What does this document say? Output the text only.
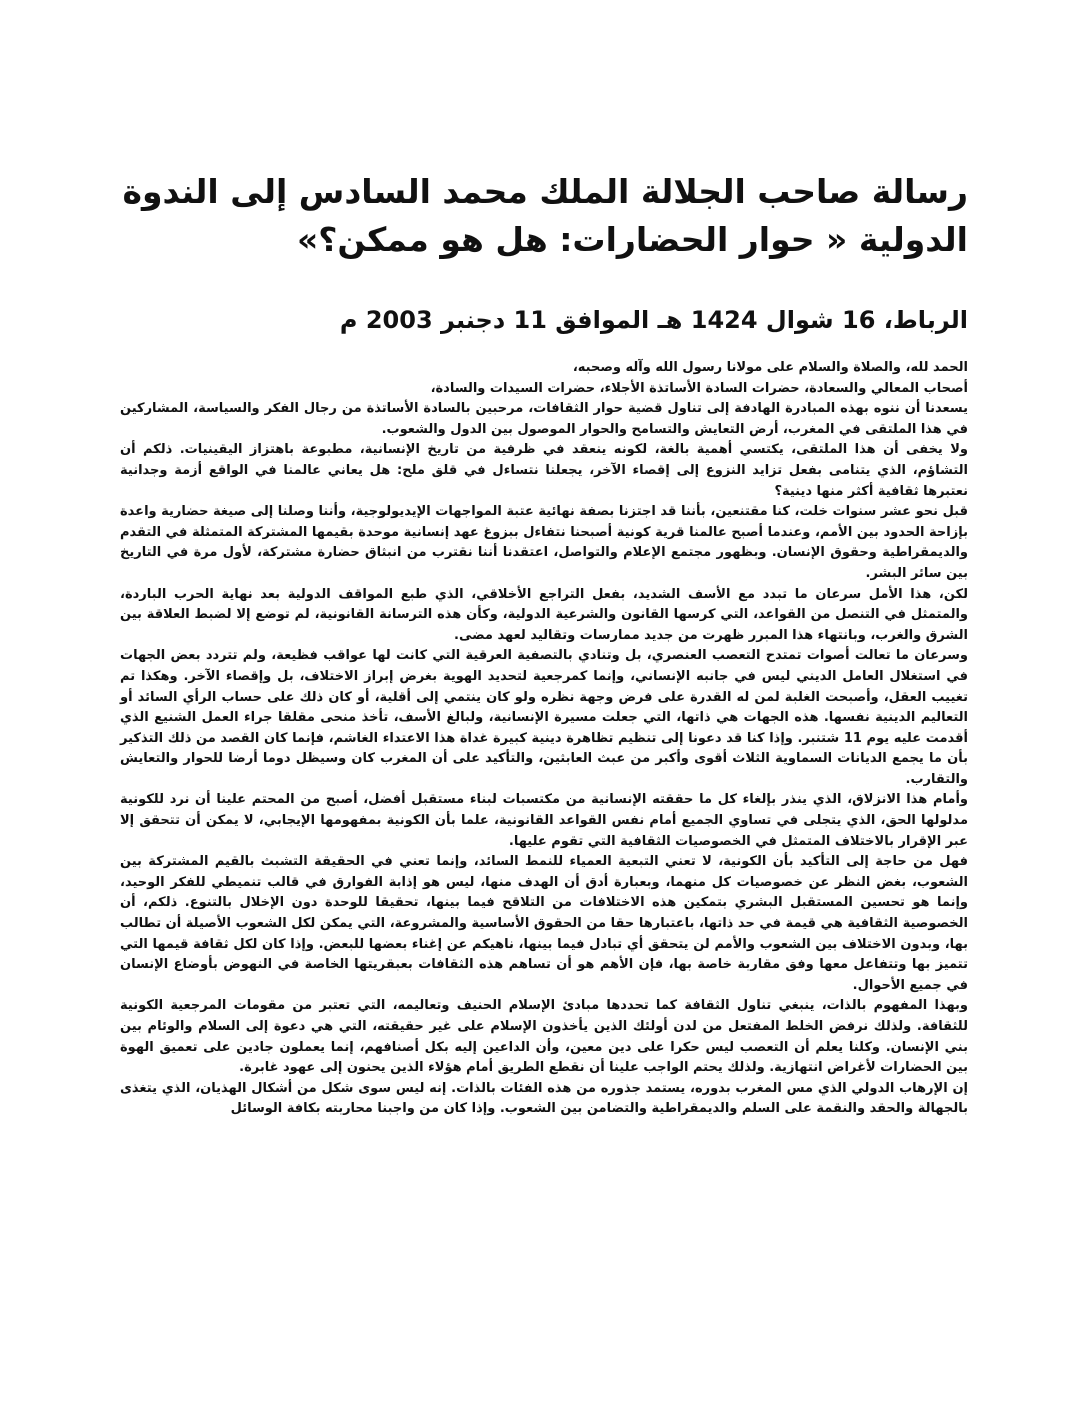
رسالة صاحب الجلالة الملك محمد السادس إلى الندوة
الدولية « حوار الحضارات: هل هو ممكن؟»
الرباط، 16 شوال 1424 هـ الموافق 11 دجنبر 2003 م

الحمد لله، والصلاة والسلام على مولانا رسول الله وآله وصحبه،

أصحاب المعالي والسعادة، حضرات السادة الأساتذة الأجلاء، حضرات السيدات والسادة،

يسعدنا أن ننوه بهذه المبادرة الهادفة إلى تناول قضية حوار الثقافات، مرحبين بالسادة الأساتذة من رجال الفكر والسياسة، المشاركين في هذا الملتقى في المغرب، أرض التعايش والتسامح والحوار الموصول بين الدول والشعوب.

ولا يخفى أن هذا الملتقى، يكتسي أهمية بالغة، لكونه ينعقد في ظرفية من تاريخ الإنسانية، مطبوعة باهتزاز اليقينيات. ذلكم أن التشاؤم، الذي يتنامى بفعل تزايد النزوع إلى إقصاء الآخر، يجعلنا نتساءل في قلق ملح: هل يعاني عالمنا في الواقع أزمة وجدانية نعتبرها ثقافية أكثر منها دينية؟

قبل نحو عشر سنوات خلت، كنا مقتنعين، بأننا قد اجتزنا بصفة نهائية عتبة المواجهات الإيديولوجية، وأننا وصلنا إلى صيغة حضارية واعدة بإزاحة الحدود بين الأمم، وعندما أصبح عالمنا قرية كونية أصبحنا نتفاءل ببزوغ عهد إنسانية موحدة بقيمها المشتركة المتمثلة في التقدم والديمقراطية وحقوق الإنسان. وبظهور مجتمع الإعلام والتواصل، اعتقدنا أننا نقترب من انبثاق حضارة مشتركة، لأول مرة في التاريخ بين سائر البشر.

لكن، هذا الأمل سرعان ما تبدد مع الأسف الشديد، بفعل التراجع الأخلاقي، الذي طبع المواقف الدولية بعد نهاية الحرب الباردة، والمتمثل في التنصل من القواعد، التي كرسها القانون والشرعية الدولية، وكأن هذه الترسانة القانونية، لم توضع إلا لضبط العلاقة بين الشرق والغرب، وبانتهاء هذا المبرر ظهرت من جديد ممارسات وتقاليد لعهد مضى.

وسرعان ما تعالت أصوات تمتدح التعصب العنصري، بل وتنادي بالتصفية العرقية التي كانت لها عواقب فظيعة، ولم تتردد بعض الجهات في استغلال العامل الديني ليس في جانبه الإنساني، وإنما كمرجعية لتحديد الهوية بغرض إبراز الاختلاف، بل وإقصاء الآخر. وهكذا تم تغييب العقل، وأصبحت الغلبة لمن له القدرة على فرض وجهة نظره ولو كان ينتمي إلى أقلية، أو كان ذلك على حساب الرأي السائد أو التعاليم الدينية نفسها. هذه الجهات هي ذاتها، التي جعلت مسيرة الإنسانية، ولبالغ الأسف، تأخذ منحى مقلقا جراء العمل الشنيع الذي أقدمت عليه يوم 11 شتنبر. وإذا كنا قد دعونا إلى تنظيم تظاهرة دينية كبيرة غداة هذا الاعتداء الغاشم، فإنما كان القصد من ذلك التذكير بأن ما يجمع الديانات السماوية الثلاث أقوى وأكبر من عبث العابثين، والتأكيد على أن المغرب كان وسيظل دوما أرضا للحوار والتعايش والتقارب.

وأمام هذا الانزلاق، الذي ينذر بإلغاء كل ما حققته الإنسانية من مكتسبات لبناء مستقبل أفضل، أصبح من المحتم علينا أن نرد للكونية مدلولها الحق، الذي يتجلى في تساوي الجميع أمام نفس القواعد القانونية، علما بأن الكونية بمفهومها الإيجابي، لا يمكن أن تتحقق إلا عبر الإقرار بالاختلاف المتمثل في الخصوصيات الثقافية التي تقوم عليها.

فهل من حاجة إلى التأكيد بأن الكونية، لا تعني التبعية العمياء للنمط السائد، وإنما تعني في الحقيقة التشبث بالقيم المشتركة بين الشعوب، بغض النظر عن خصوصيات كل منهما، وبعبارة أدق أن الهدف منها، ليس هو إذابة الفوارق في قالب تنميطي للفكر الوحيد، وإنما هو تحسين المستقبل البشري بتمكين هذه الاختلافات من التلاقح فيما بينها، تحقيقا للوحدة دون الإخلال بالتنوع. ذلكم، أن الخصوصية الثقافية هي قيمة في حد ذاتها، باعتبارها حقا من الحقوق الأساسية والمشروعة، التي يمكن لكل الشعوب الأصيلة أن تطالب بها، وبدون الاختلاف بين الشعوب والأمم لن يتحقق أي تبادل فيما بينها، ناهيكم عن إغناء بعضها للبعض. وإذا كان لكل ثقافة قيمها التي تتميز بها وتتفاعل معها وفق مقاربة خاصة بها، فإن الأهم هو أن تساهم هذه الثقافات بعبقريتها الخاصة في النهوض بأوضاع الإنسان في جميع الأحوال.

وبهذا المفهوم بالذات، ينبغي تناول الثقافة كما تحددها مبادئ الإسلام الحنيف وتعاليمه، التي تعتبر من مقومات المرجعية الكونية للثقافة. ولذلك نرفض الخلط المفتعل من لدن أولئك الذين يأخذون الإسلام على غير حقيقته، التي هي دعوة إلى السلام والوئام بين بني الإنسان. وكلنا يعلم أن التعصب ليس حكرا على دين معين، وأن الداعين إليه بكل أصنافهم، إنما يعملون جادين على تعميق الهوة بين الحضارات لأغراض انتهازية. ولذلك يحتم الواجب علينا أن نقطع الطريق أمام هؤلاء الذين يحنون إلى عهود غابرة.

إن الإرهاب الدولي الذي مس المغرب بدوره، يستمد جذوره من هذه الفئات بالذات. إنه ليس سوى شكل من أشكال الهذيان، الذي يتغذى بالجهالة والحقد والنقمة على السلم والديمقراطية والتضامن بين الشعوب. وإذا كان من واجبنا محاربته بكافة الوسائل
